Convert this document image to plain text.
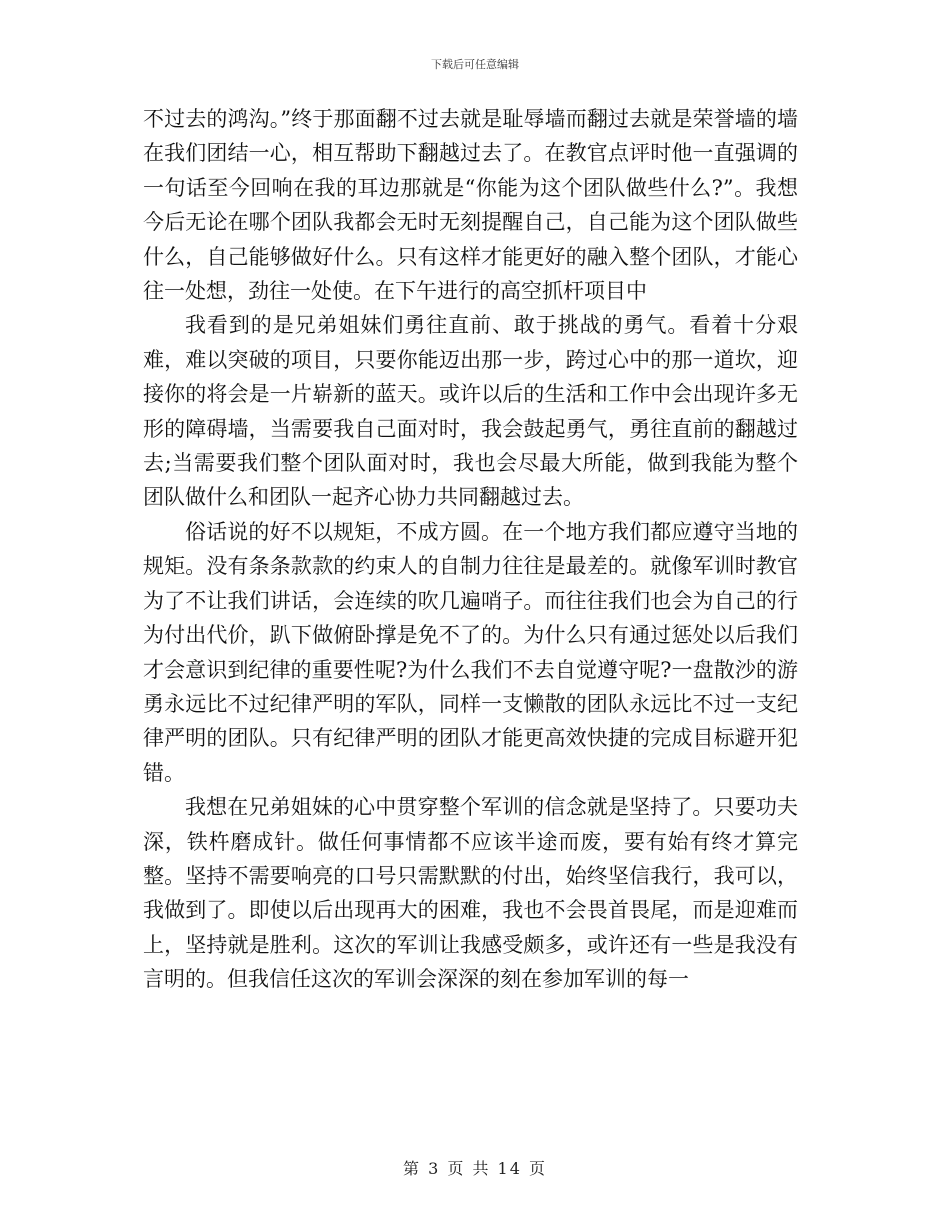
下载后可任意编辑

不过去的鸿沟。”终于那面翻不过去就是耻辱墙而翻过去就是荣誉墙的墙在我们团结一心，相互帮助下翻越过去了。在教官点评时他一直强调的一句话至今回响在我的耳边那就是“你能为这个团队做些什么?”。我想今后无论在哪个团队我都会无时无刻提醒自己，自己能为这个团队做些什么，自己能够做好什么。只有这样才能更好的融入整个团队，才能心往一处想，劲往一处使。在下午进行的高空抓杆项目中

我看到的是兄弟姐妹们勇往直前、敢于挑战的勇气。看着十分艰难，难以突破的项目，只要你能迈出那一步，跨过心中的那一道坎，迎接你的将会是一片崭新的蓝天。或许以后的生活和工作中会出现许多无形的障碍墙，当需要我自己面对时，我会鼓起勇气，勇往直前的翻越过去;当需要我们整个团队面对时，我也会尽最大所能，做到我能为整个团队做什么和团队一起齐心协力共同翻越过去。

俗话说的好不以规矩，不成方圆。在一个地方我们都应遵守当地的规矩。没有条条款款的约束人的自制力往往是最差的。就像军训时教官为了不让我们讲话，会连续的吹几遍哨子。而往往我们也会为自己的行为付出代价，趴下做俯卧撑是免不了的。为什么只有通过惩处以后我们才会意识到纪律的重要性呢?为什么我们不去自觉遵守呢?一盘散沙的游勇永远比不过纪律严明的军队，同样一支懒散的团队永远比不过一支纪律严明的团队。只有纪律严明的团队才能更高效快捷的完成目标避开犯错。

我想在兄弟姐妹的心中贯穿整个军训的信念就是坚持了。只要功夫深，铁杵磨成针。做任何事情都不应该半途而废，要有始有终才算完整。坚持不需要响亮的口号只需默默的付出，始终坚信我行，我可以，我做到了。即使以后出现再大的困难，我也不会畏首畏尾，而是迎难而上，坚持就是胜利。这次的军训让我感受颇多，或许还有一些是我没有言明的。但我信任这次的军训会深深的刻在参加军训的每一

第 3 页 共 14 页
